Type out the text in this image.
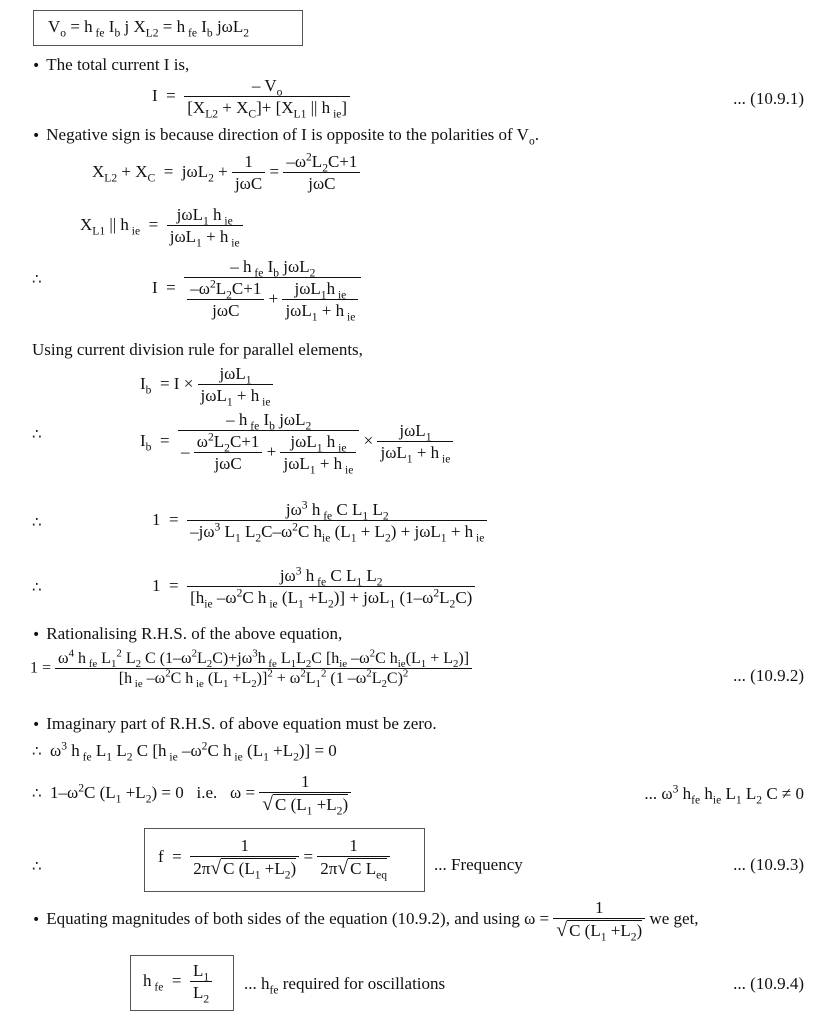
$V_o = h$ $_{fe}$ $I_b$ j $X_{L2} = h$ $_{fe}$ $I_b$ jωL$_2$
• The total current I is,
$I = \frac{- V_o}{[X_{L2} + X_C]+ [X_{L1} || h _{ie}]}$	... (10.9.1)
• Negative sign is because direction of I is opposite to the polarities of $V_o$.
$X_{L2} + X_C = j\omega L_2 + \frac{1}{\text{jωC}} = \frac{-\omega^2L_2C+1}{\text{jωC}}$
$X_{L1}$ || h $_{ie} = \frac{j\omega L_1 h _{ie}}{j\omega L_1 + h _{ie}}$
∴	$I = \frac{- h _{fe} I_b j\omega L_2}{\frac{-\omega^2L_2C+1}{\text{jωC}} + \frac{j\omega L_1h _{ie}}{j\omega L_1 + h _{ie}}}$
Using current division rule for parallel elements,
$I_b = I \times \frac{j\omega L_1}{j\omega L_1 + h _{ie}}$
∴	$I_b = \frac{- h _{fe} I_b j\omega L_2}{- \frac{\omega^2L_2C+1}{\text{jωC}} + \frac{j\omega L_1 h _{ie}}{j\omega L_1 + h _{ie}}} \times \frac{j\omega L_1}{j\omega L_1 + h _{ie}}$
∴	$1 = \frac{j\omega^3 h _{fe} C L_1 L_2}{-j\omega^3 L_1 L_2C-\omega^2C h_{ie} (L_1 + L_2) + j\omega L_1 + h _{ie}}$
∴	$1 = \frac{j\omega^3 h _{fe} C L_1 L_2}{[h_{ie} -\omega^2C h _{ie} (L_1 +L_2)] + j\omega L_1 (1-\omega^2L_2C)}$
• Rationalising R.H.S. of the above equation,
1 =
$\omega^4$ h $_{fe}$ $L_1^2$ $L_2$ C $(1-\omega^2L_2C)+j\omega^3h$ $_{fe}$ $L_1L_2C$ [$h_{ie}$ $-\omega^2C$ $h_{ie}(L_1 + L_2)$]
[h $_{ie}$ $-\omega^2C$ h $_{ie}$ $(L_1 +L_2)]^2 + \omega^2L_1^2$ (1 $-\omega^2L_2C)^2$	... (10.9.2)
• Imaginary part of R.H.S. of above equation must be zero.
∴  $\omega^3$ h $_{fe}$ $L_1$ $L_2$ C [h $_{ie}$ $-\omega^2C$ h $_{ie}$ $(L_1 +L_2)] = 0$
∴  $1-\omega^2C$ $(L_1 +L_2) = 0$   i.e.   $\omega = \frac{1}{√ C (L_1 +L_2)}$	... $\omega^3$ $h_{fe}$ $h_{ie}$ $L_1$ $L_2$ C ≠ 0
∴
$f = \frac{1}{2\pi√ C (L_1 +L_2)} = \frac{1}{2\pi√ C L_{eq}}$	... Frequency	... (10.9.3)
• Equating magnitudes of both sides of the equation (10.9.2), and using $\omega = \frac{1}{√ C (L_1 +L_2)}$ we get,
h $_{fe} = \frac{L_1}{L_2}$ ... $h_{fe}$ required for oscillations	... (10.9.4)
